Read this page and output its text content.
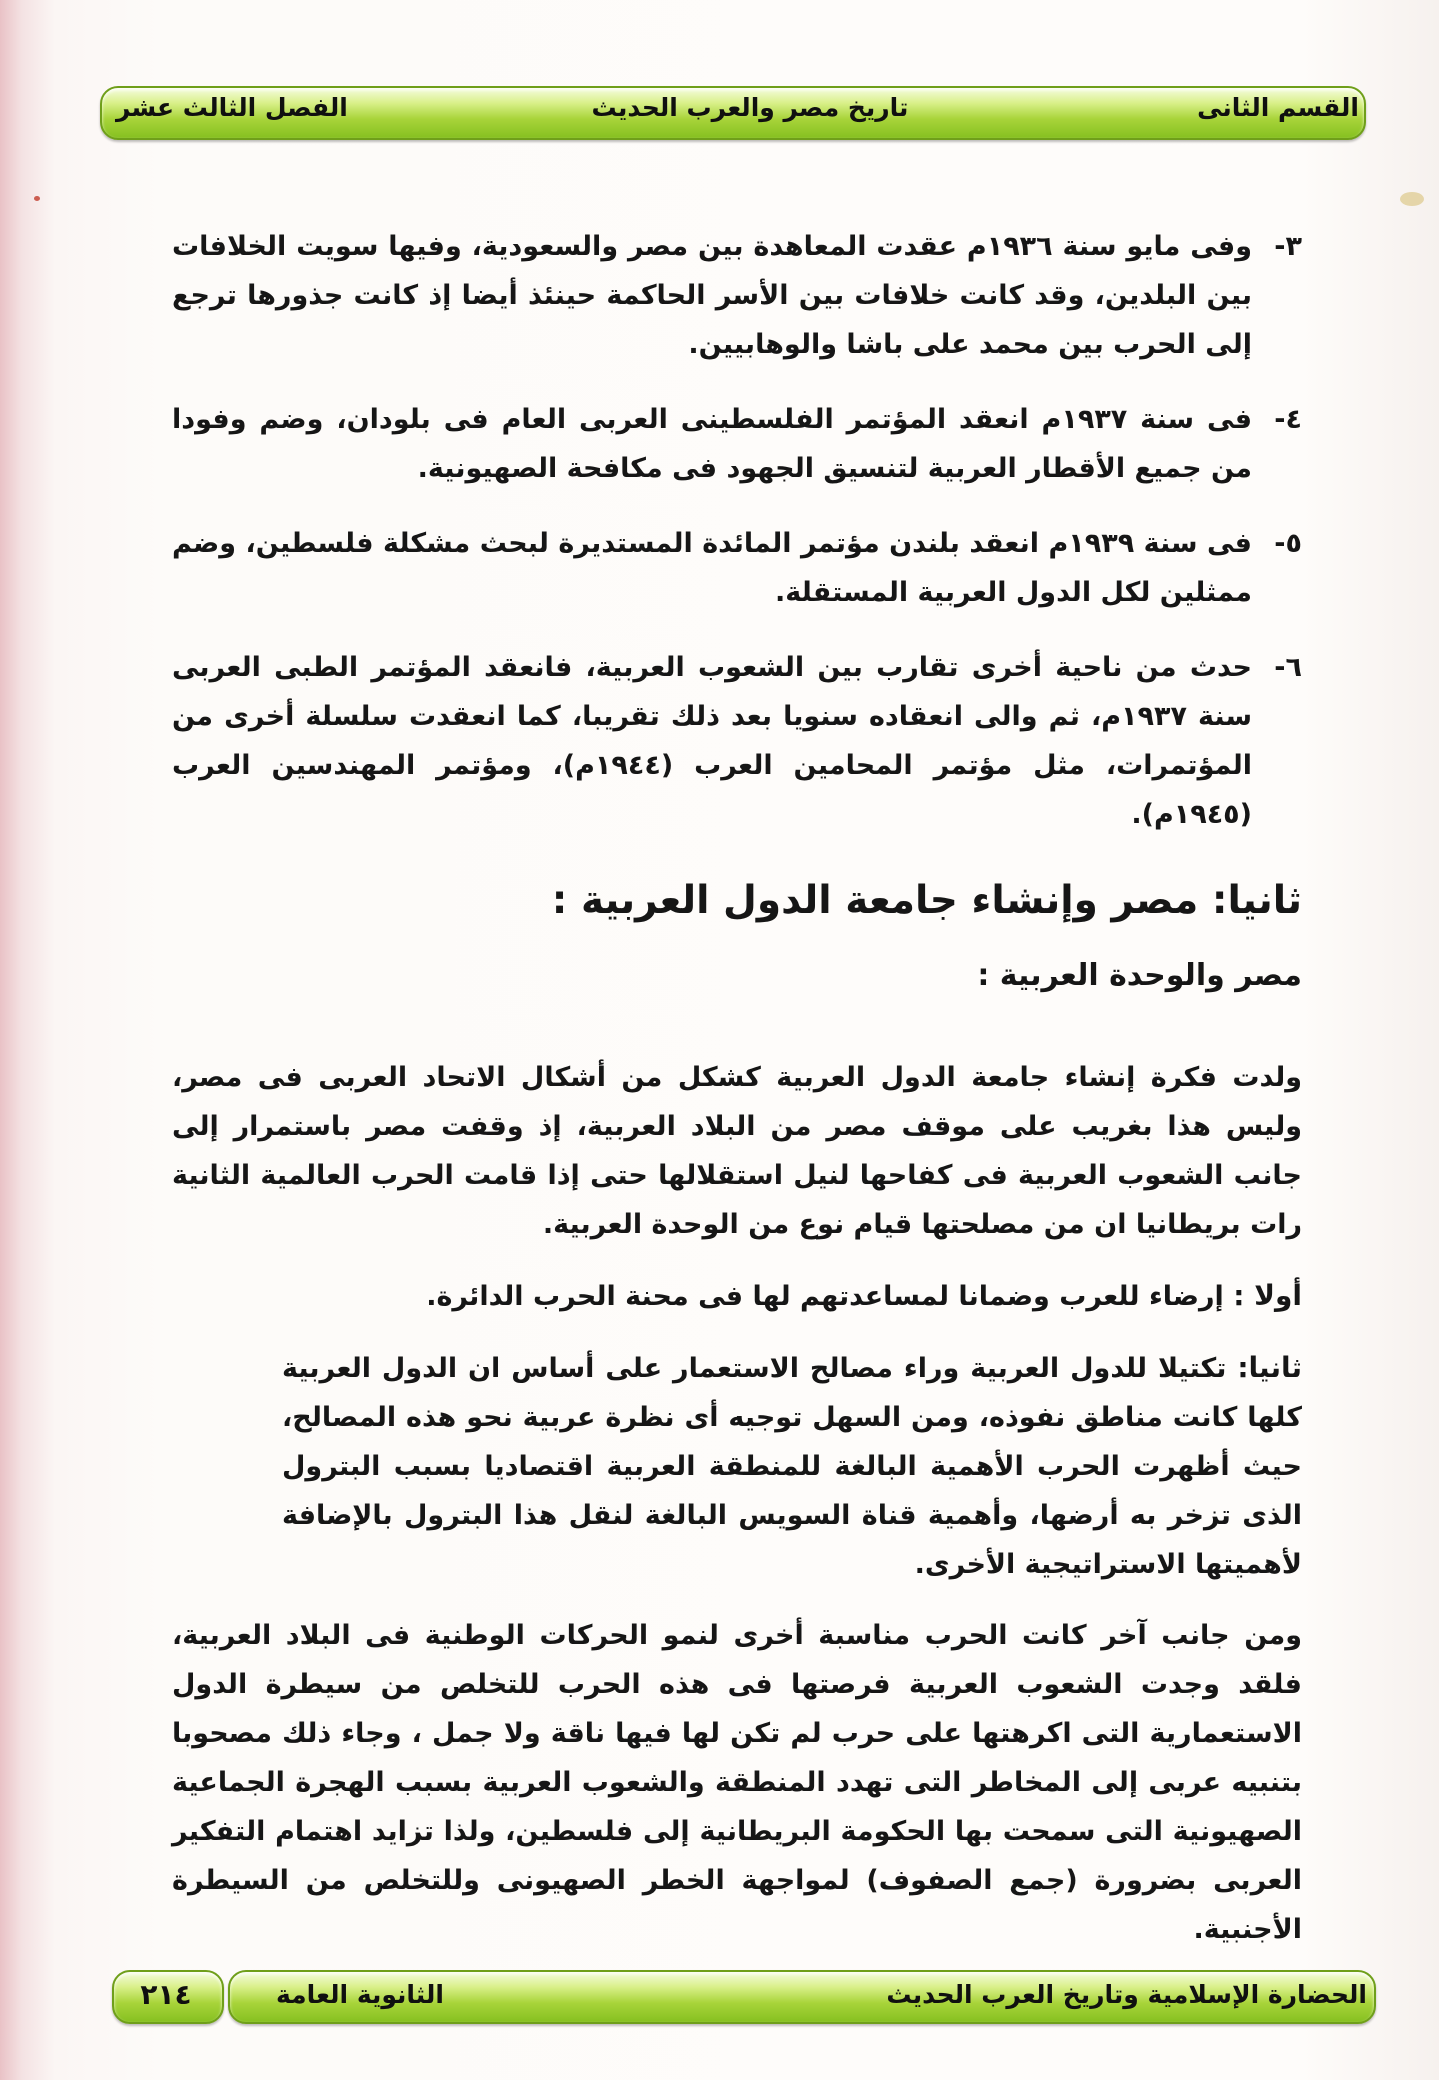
القسم الثانى
تاريخ مصر والعرب الحديث
الفصل الثالث عشر
٣-
وفى مايو سنة ١٩٣٦م عقدت المعاهدة بين مصر والسعودية، وفيها سويت الخلافات بين البلدين، وقد كانت خلافات بين الأسر الحاكمة حينئذ أيضا إذ كانت جذورها ترجع إلى الحرب بين محمد على باشا والوهابيين.
٤-
فى سنة ١٩٣٧م انعقد المؤتمر الفلسطينى العربى العام فى بلودان، وضم وفودا من جميع الأقطار العربية لتنسيق الجهود فى مكافحة الصهيونية.
٥-
فى سنة ١٩٣٩م انعقد بلندن مؤتمر المائدة المستديرة لبحث مشكلة فلسطين، وضم ممثلين لكل الدول العربية المستقلة.
٦-
حدث من ناحية أخرى تقارب بين الشعوب العربية، فانعقد المؤتمر الطبى العربى سنة ١٩٣٧م، ثم والى انعقاده سنويا بعد ذلك تقريبا، كما انعقدت سلسلة أخرى من المؤتمرات، مثل مؤتمر المحامين العرب (١٩٤٤م)، ومؤتمر المهندسين العرب (١٩٤٥م).
ثانيا: مصر وإنشاء جامعة الدول العربية :
مصر والوحدة العربية :
ولدت فكرة إنشاء جامعة الدول العربية كشكل من أشكال الاتحاد العربى فى مصر، وليس هذا بغريب على موقف مصر من البلاد العربية، إذ وقفت مصر باستمرار إلى جانب الشعوب العربية فى كفاحها لنيل استقلالها حتى إذا قامت الحرب العالمية الثانية رات بريطانيا ان من مصلحتها قيام نوع من الوحدة العربية.
أولا : إرضاء للعرب وضمانا لمساعدتهم لها فى محنة الحرب الدائرة.
ثانيا: تكتيلا للدول العربية وراء مصالح الاستعمار على أساس ان الدول العربية كلها كانت مناطق نفوذه، ومن السهل توجيه أى نظرة عربية نحو هذه المصالح، حيث أظهرت الحرب الأهمية البالغة للمنطقة العربية اقتصاديا بسبب البترول الذى تزخر به أرضها، وأهمية قناة السويس البالغة لنقل هذا البترول بالإضافة لأهميتها الاستراتيجية الأخرى.
ومن جانب آخر كانت الحرب مناسبة أخرى لنمو الحركات الوطنية فى البلاد العربية، فلقد وجدت الشعوب العربية فرصتها فى هذه الحرب للتخلص من سيطرة الدول الاستعمارية التى اكرهتها على حرب لم تكن لها فيها ناقة ولا جمل ، وجاء ذلك مصحوبا بتنبيه عربى إلى المخاطر التى تهدد المنطقة والشعوب العربية بسبب الهجرة الجماعية الصهيونية التى سمحت بها الحكومة البريطانية إلى فلسطين، ولذا تزايد اهتمام التفكير العربى بضرورة (جمع الصفوف) لمواجهة الخطر الصهيونى وللتخلص من السيطرة الأجنبية.
٢١٤	الحضارة الإسلامية وتاريخ العرب الحديث
الثانوية العامة
